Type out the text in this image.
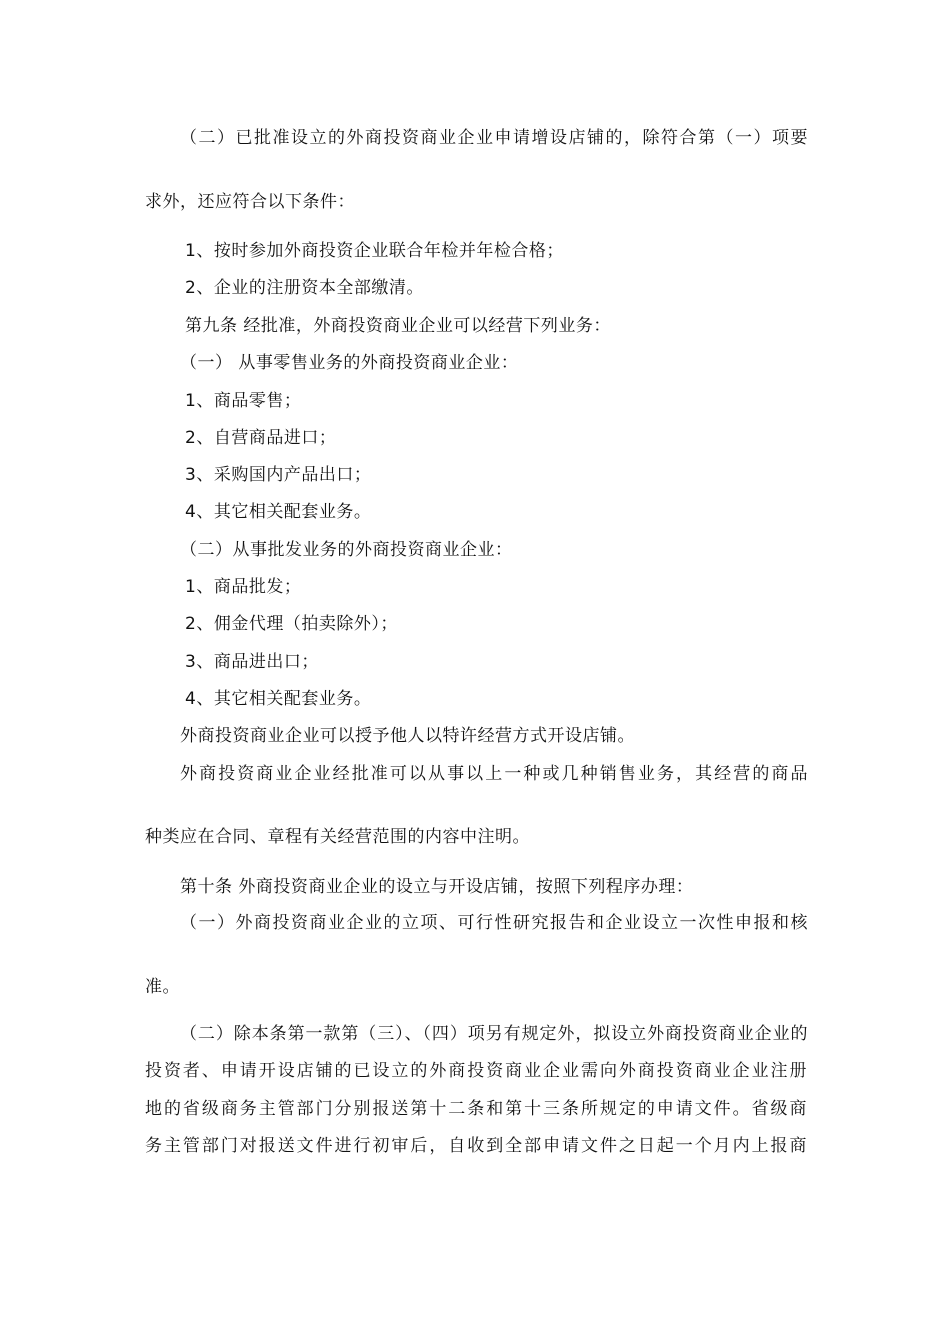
（二）已批准设立的外商投资商业企业申请增设店铺的，除符合第（一）项要
求外，还应符合以下条件：
1、按时参加外商投资企业联合年检并年检合格；
2、企业的注册资本全部缴清。
第九条 经批准，外商投资商业企业可以经营下列业务：
（一） 从事零售业务的外商投资商业企业：
1、商品零售；
2、自营商品进口；
3、采购国内产品出口；
4、其它相关配套业务。
（二）从事批发业务的外商投资商业企业：
1、商品批发；
2、佣金代理（拍卖除外）；
3、商品进出口；
4、其它相关配套业务。
外商投资商业企业可以授予他人以特许经营方式开设店铺。
外商投资商业企业经批准可以从事以上一种或几种销售业务，其经营的商品
种类应在合同、章程有关经营范围的内容中注明。
第十条 外商投资商业企业的设立与开设店铺，按照下列程序办理：
（一）外商投资商业企业的立项、可行性研究报告和企业设立一次性申报和核
准。
（二）除本条第一款第（三）、（四）项另有规定外，拟设立外商投资商业企业的
投资者、申请开设店铺的已设立的外商投资商业企业需向外商投资商业企业注册
地的省级商务主管部门分别报送第十二条和第十三条所规定的申请文件。省级商
务主管部门对报送文件进行初审后，自收到全部申请文件之日起一个月内上报商
